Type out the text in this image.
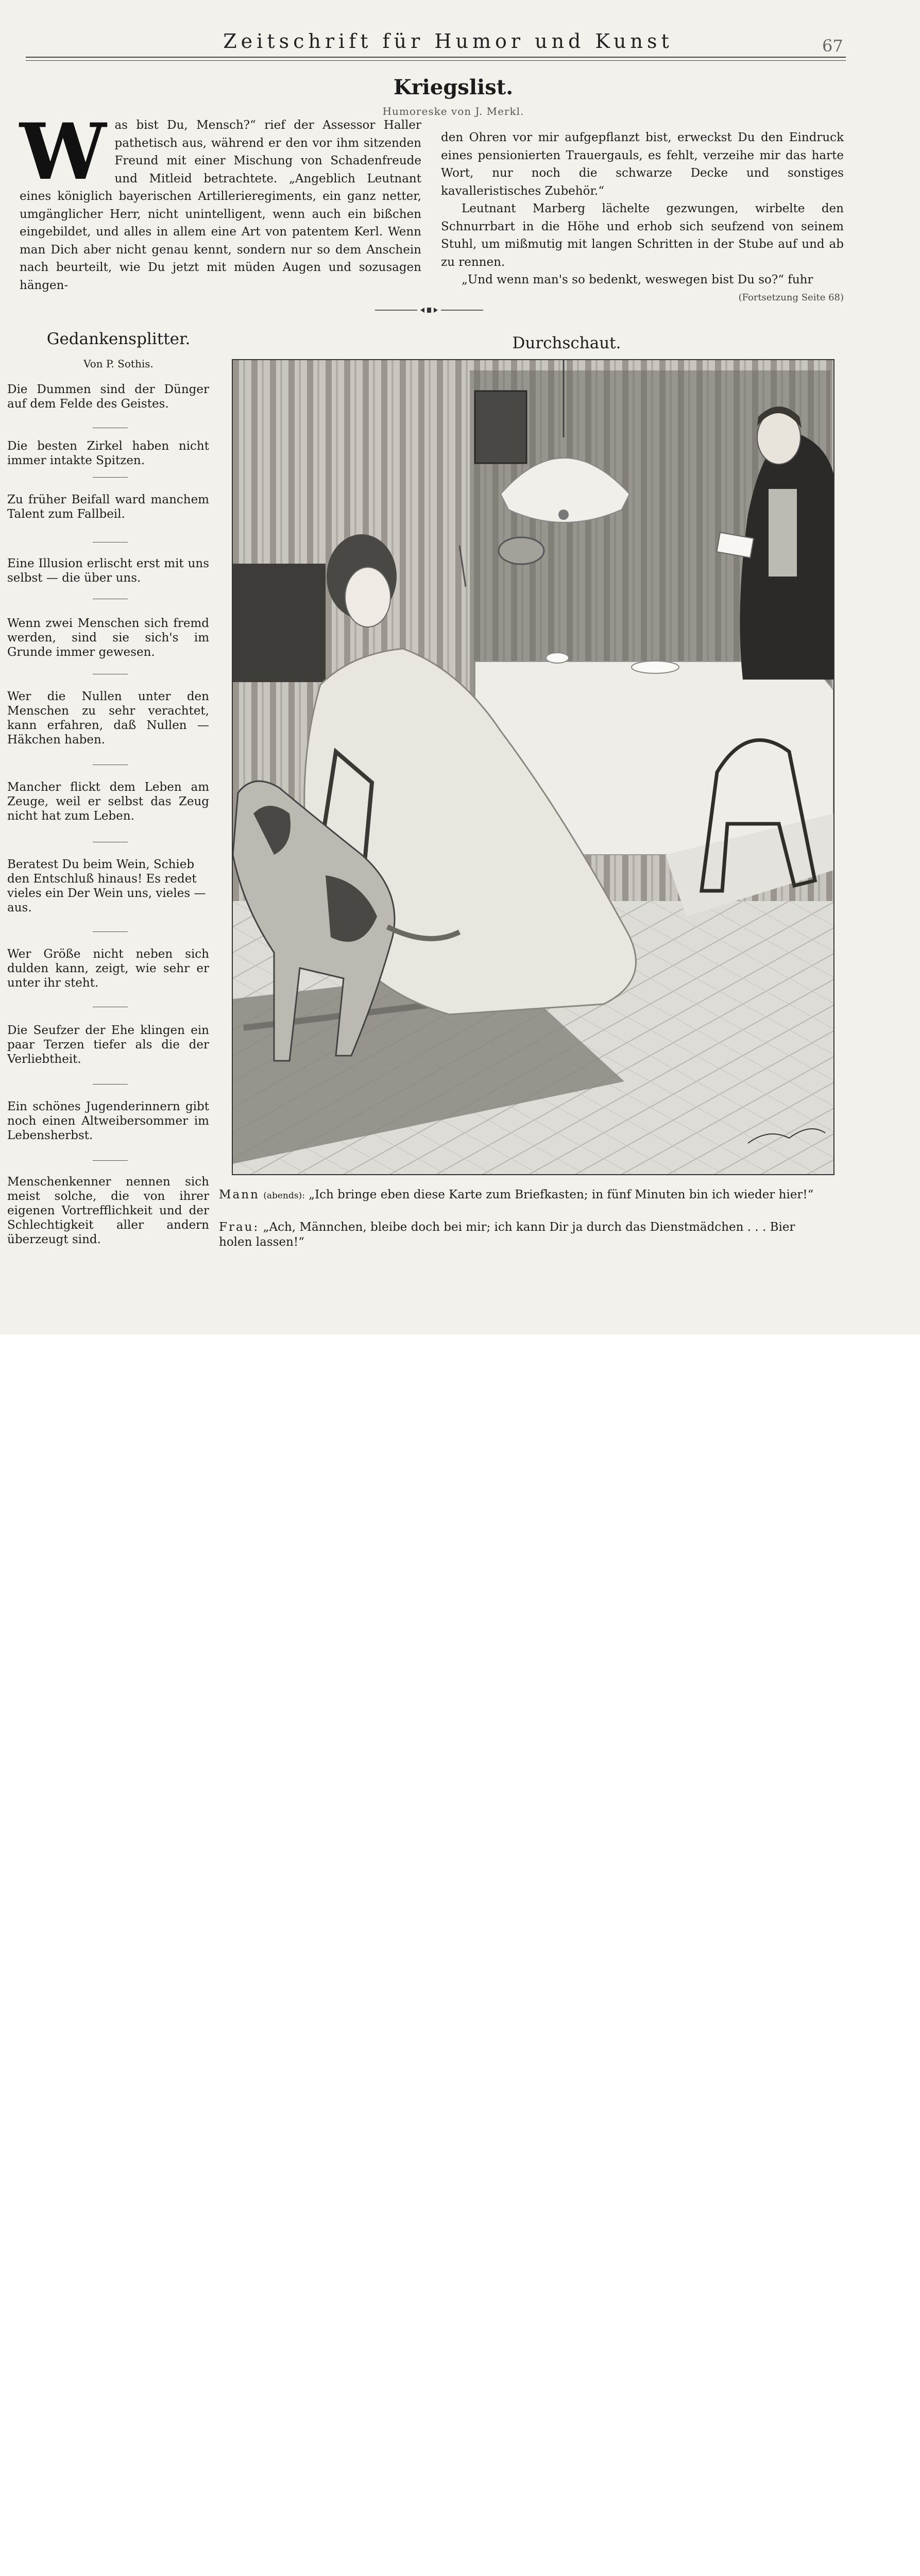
Zeitschrift für Humor und Kunst	67
Kriegslist.
Humoreske von J. Merkl.

Was bist Du, Mensch?“ rief der Assessor Haller pathetisch aus, während er den vor ihm sitzenden Freund mit einer Mischung von Schadenfreude und Mitleid betrachtete. „Angeblich Leutnant eines königlich bayerischen Artillerieregiments, ein ganz netter, umgänglicher Herr, nicht unintelligent, wenn auch ein bißchen eingebildet, und alles in allem eine Art von patentem Kerl. Wenn man Dich aber nicht genau kennt, sondern nur so dem Anschein nach beurteilt, wie Du jetzt mit müden Augen und sozusagen hängen-

den Ohren vor mir aufgepflanzt bist, erweckst Du den Eindruck eines pensionierten Trauergauls, es fehlt, verzeihe mir das harte Wort, nur noch die schwarze Decke und sonstiges kavalleristisches Zubehör.“

Leutnant Marberg lächelte gezwungen, wirbelte den Schnurrbart in die Höhe und erhob sich seufzend von seinem Stuhl, um mißmutig mit langen Schritten in der Stube auf und ab zu rennen.

„Und wenn man's so bedenkt, weswegen bist Du so?“ fuhr

(Fortsetzung Seite 68)

Gedankensplitter.
Von P. Sothis.
Die Dummen sind der Dünger auf dem Felde des Geistes.
Die besten Zirkel haben nicht immer intakte Spitzen.
Zu früher Beifall ward manchem Talent zum Fallbeil.
Eine Illusion erlischt erst mit uns selbst — die über uns.
Wenn zwei Menschen sich fremd werden, sind sie sich's im Grunde immer gewesen.
Wer die Nullen unter den Menschen zu sehr verachtet, kann erfahren, daß Nullen — Häkchen haben.
Mancher flickt dem Leben am Zeuge, weil er selbst das Zeug nicht hat zum Leben.
Beratest Du beim Wein, Schieb den Entschluß hinaus! Es redet vieles ein Der Wein uns, vieles — aus.
Wer Größe nicht neben sich dulden kann, zeigt, wie sehr er unter ihr steht.
Die Seufzer der Ehe klingen ein paar Terzen tiefer als die der Verliebtheit.
Ein schönes Jugenderinnern gibt noch einen Altweibersommer im Lebensherbst.
Menschenkenner nennen sich meist solche, die von ihrer eigenen Vortrefflichkeit und der Schlechtigkeit aller andern überzeugt sind.
Durchschaut.
Mann (abends): „Ich bringe eben diese Karte zum Briefkasten; in fünf Minuten bin ich wieder hier!“
Frau: „Ach, Männchen, bleibe doch bei mir; ich kann Dir ja durch das Dienstmädchen . . . Bier holen lassen!“
